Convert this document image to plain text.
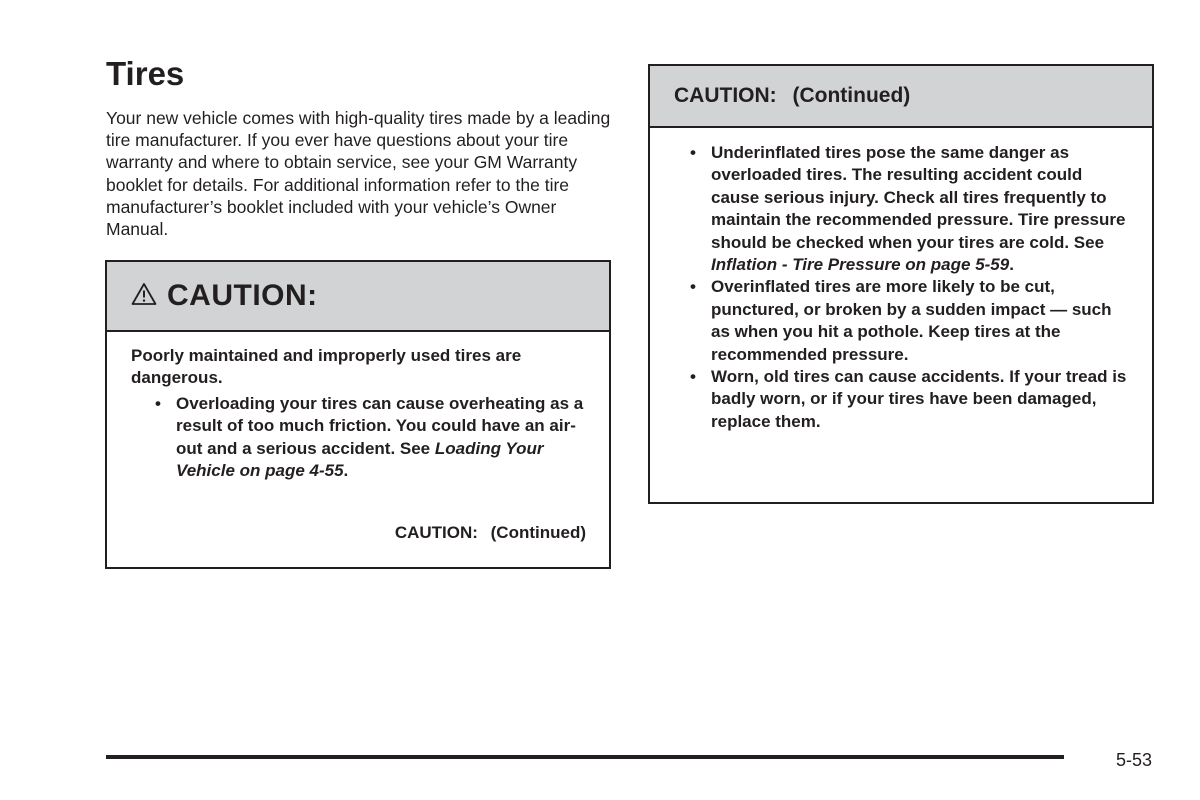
Tires

Your new vehicle comes with high-quality tires made by a leading tire manufacturer. If you ever have questions about your tire warranty and where to obtain service, see your GM Warranty booklet for details. For additional information refer to the tire manufacturer’s booklet included with your vehicle’s Owner Manual.

CAUTION:

Poorly maintained and improperly used tires are dangerous.

• Overloading your tires can cause overheating as a result of too much friction. You could have an air-out and a serious accident. See Loading Your Vehicle on page 4-55.
CAUTION: (Continued)
CAUTION: (Continued)
• Underinflated tires pose the same danger as overloaded tires. The resulting accident could cause serious injury. Check all tires frequently to maintain the recommended pressure. Tire pressure should be checked when your tires are cold. See Inflation - Tire Pressure on page 5-59.
• Overinflated tires are more likely to be cut, punctured, or broken by a sudden impact — such as when you hit a pothole. Keep tires at the recommended pressure.
• Worn, old tires can cause accidents. If your tread is badly worn, or if your tires have been damaged, replace them.
5-53
